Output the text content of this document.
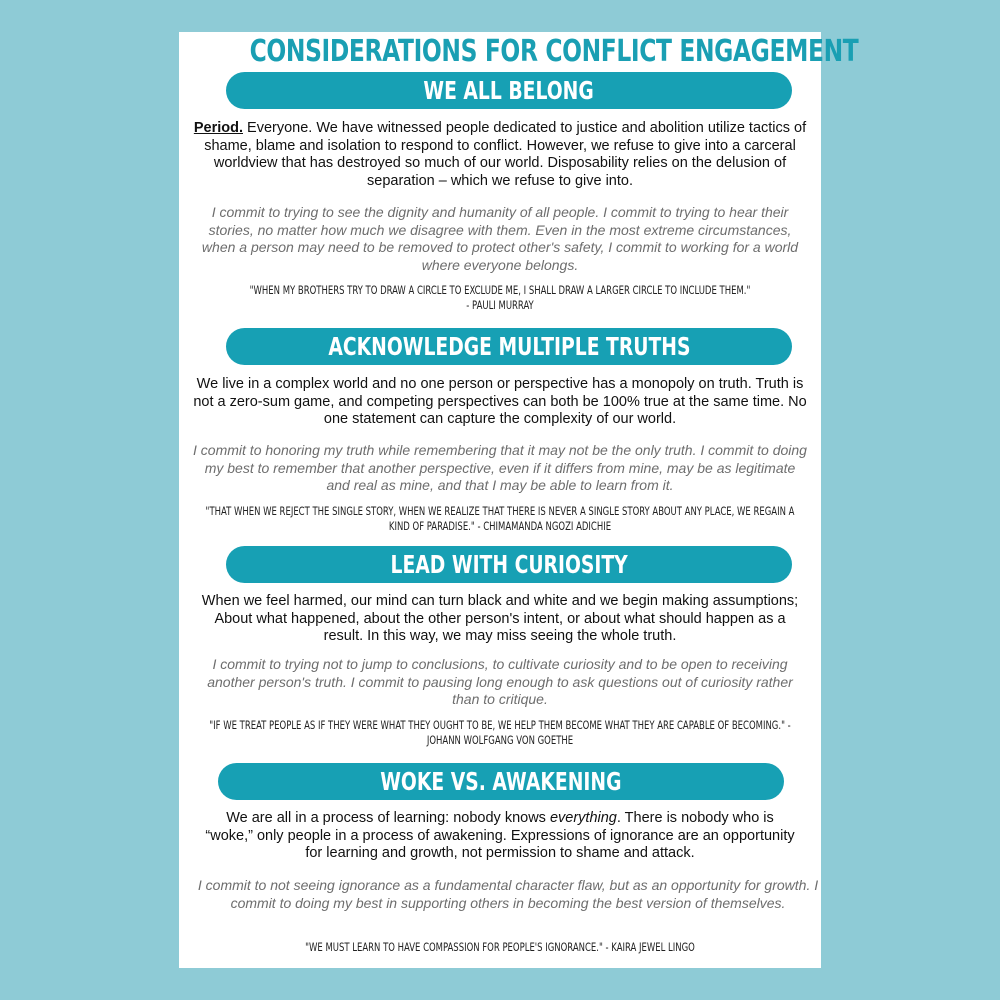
CONSIDERATIONS FOR CONFLICT ENGAGEMENT
WE ALL BELONG
Period. Everyone. We have witnessed people dedicated to justice and abolition utilize tactics of shame, blame and isolation to respond to conflict. However, we refuse to give into a carceral worldview that has destroyed so much of our world. Disposability relies on the delusion of separation – which we refuse to give into.
I commit to trying to see the dignity and humanity of all people. I commit to trying to hear their stories, no matter how much we disagree with them. Even in the most extreme circumstances, when a person may need to be removed to protect other's safety, I commit to working for a world where everyone belongs.
"WHEN MY BROTHERS TRY TO DRAW A CIRCLE TO EXCLUDE ME, I SHALL DRAW A LARGER CIRCLE TO INCLUDE THEM."
- PAULI MURRAY
ACKNOWLEDGE MULTIPLE TRUTHS
We live in a complex world and no one person or perspective has a monopoly on truth. Truth is not a zero-sum game, and competing perspectives can both be 100% true at the same time. No one statement can capture the complexity of our world.
I commit to honoring my truth while remembering that it may not be the only truth. I commit to doing my best to remember that another perspective, even if it differs from mine, may be as legitimate and real as mine, and that I may be able to learn from it.
"THAT WHEN WE REJECT THE SINGLE STORY, WHEN WE REALIZE THAT THERE IS NEVER A SINGLE STORY ABOUT ANY PLACE, WE REGAIN A KIND OF PARADISE." - CHIMAMANDA NGOZI ADICHIE
LEAD WITH CURIOSITY
When we feel harmed, our mind can turn black and white and we begin making assumptions; About what happened, about the other person's intent, or about what should happen as a result. In this way, we may miss seeing the whole truth.
I commit to trying not to jump to conclusions, to cultivate curiosity and to be open to receiving another person's truth. I commit to pausing long enough to ask questions out of curiosity rather than to critique.
"IF WE TREAT PEOPLE AS IF THEY WERE WHAT THEY OUGHT TO BE, WE HELP THEM BECOME WHAT THEY ARE CAPABLE OF BECOMING." - JOHANN WOLFGANG VON GOETHE
WOKE VS. AWAKENING
We are all in a process of learning: nobody knows everything. There is nobody who is “woke,” only people in a process of awakening. Expressions of ignorance are an opportunity for learning and growth, not permission to shame and attack.
I commit to not seeing ignorance as a fundamental character flaw, but as an opportunity for growth. I commit to doing my best in supporting others in becoming the best version of themselves.
"WE MUST LEARN TO HAVE COMPASSION FOR PEOPLE'S IGNORANCE." - KAIRA JEWEL LINGO
